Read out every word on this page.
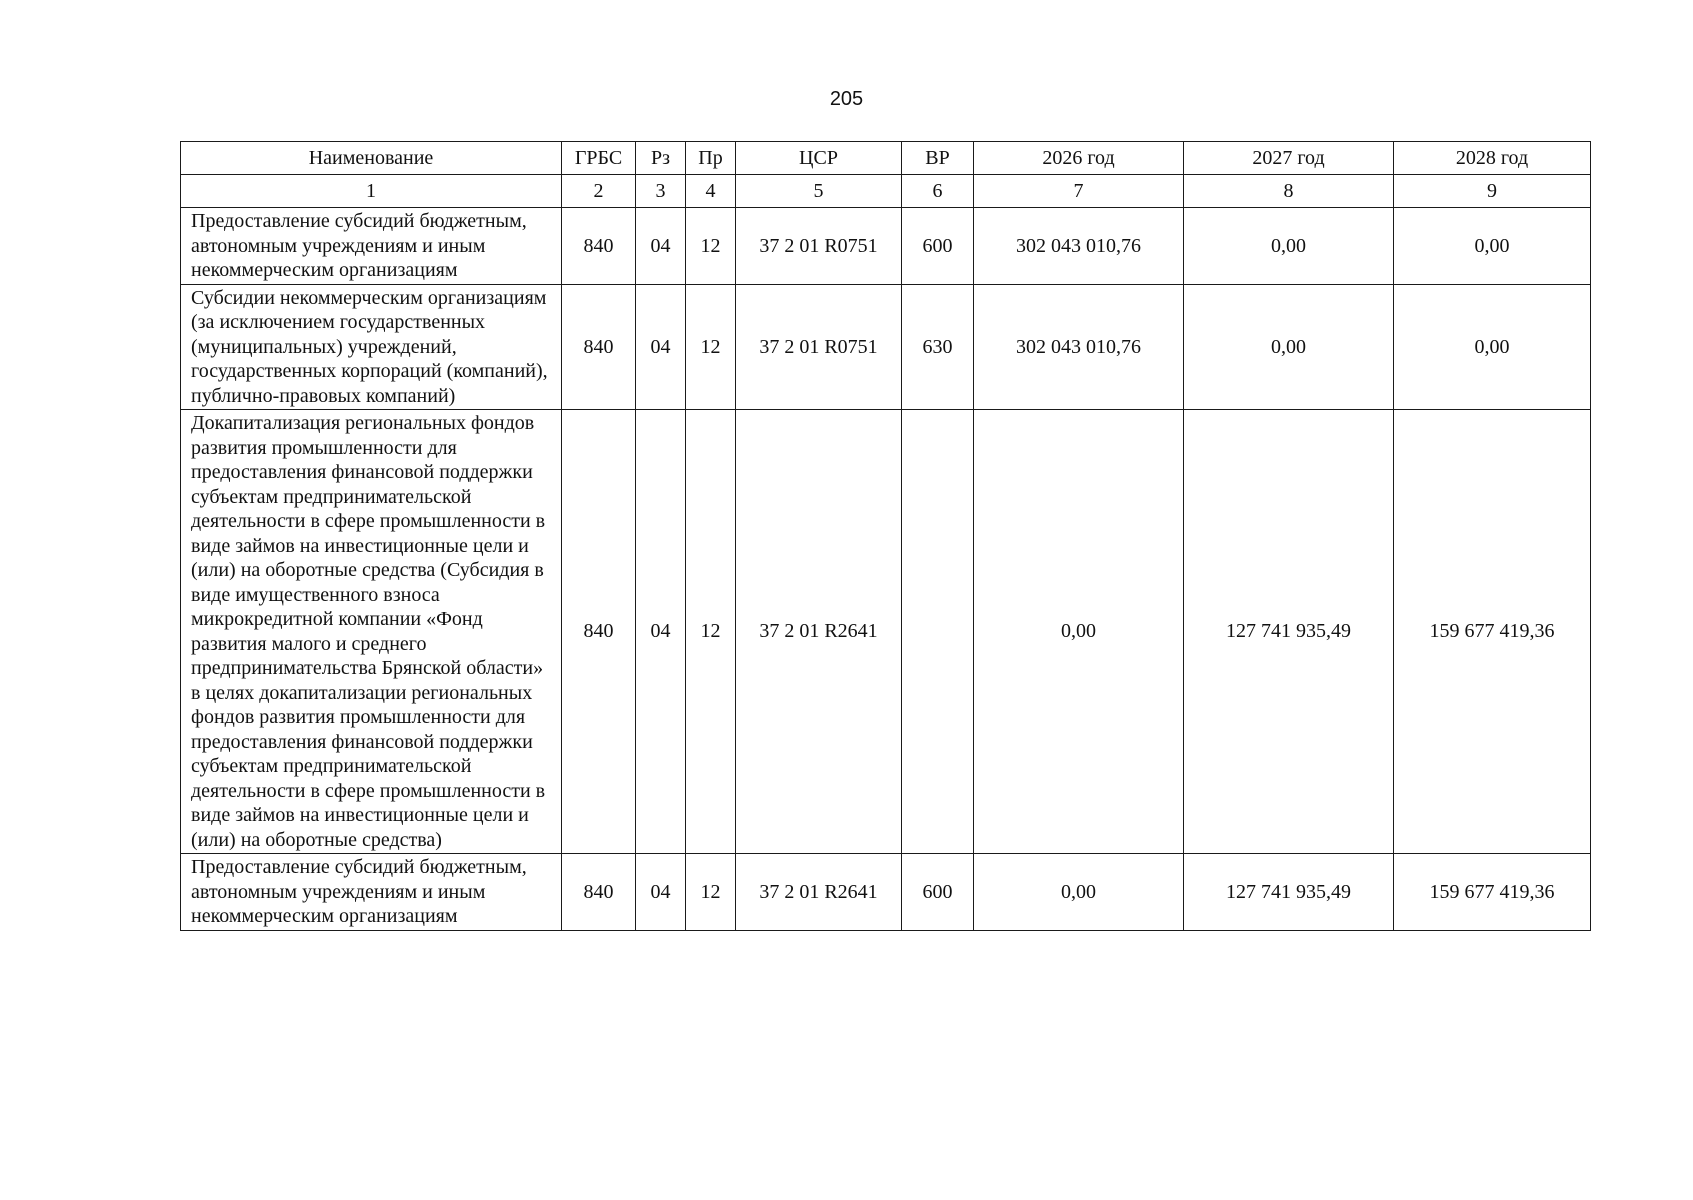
205
Наименование	ГРБС	Рз	Пр	ЦСР	ВР	2026 год	2027 год	2028 год
1	2	3	4	5	6	7	8	9
Предоставление субсидий бюджетным, автономным учреждениям и иным некоммерческим организациям	840	04	12	37 2 01 R0751	600	302 043 010,76	0,00	0,00
Субсидии некоммерческим организациям (за исключением государственных (муниципальных) учреждений, государственных корпораций (компаний), публично-правовых компаний)	840	04	12	37 2 01 R0751	630	302 043 010,76	0,00	0,00
Докапитализация региональных фондов развития промышленности для предоставления финансовой поддержки субъектам предпринимательской деятельности в сфере промышленности в виде займов на инвестиционные цели и (или) на оборотные средства (Субсидия в виде имущественного взноса микрокредитной компании «Фонд развития малого и среднего предпринимательства Брянской области» в целях докапитализации региональных фондов развития промышленности для предоставления финансовой поддержки субъектам предпринимательской деятельности в сфере промышленности в виде займов на инвестиционные цели и (или) на оборотные средства)	840	04	12	37 2 01 R2641		0,00	127 741 935,49	159 677 419,36
Предоставление субсидий бюджетным, автономным учреждениям и иным некоммерческим организациям	840	04	12	37 2 01 R2641	600	0,00	127 741 935,49	159 677 419,36
